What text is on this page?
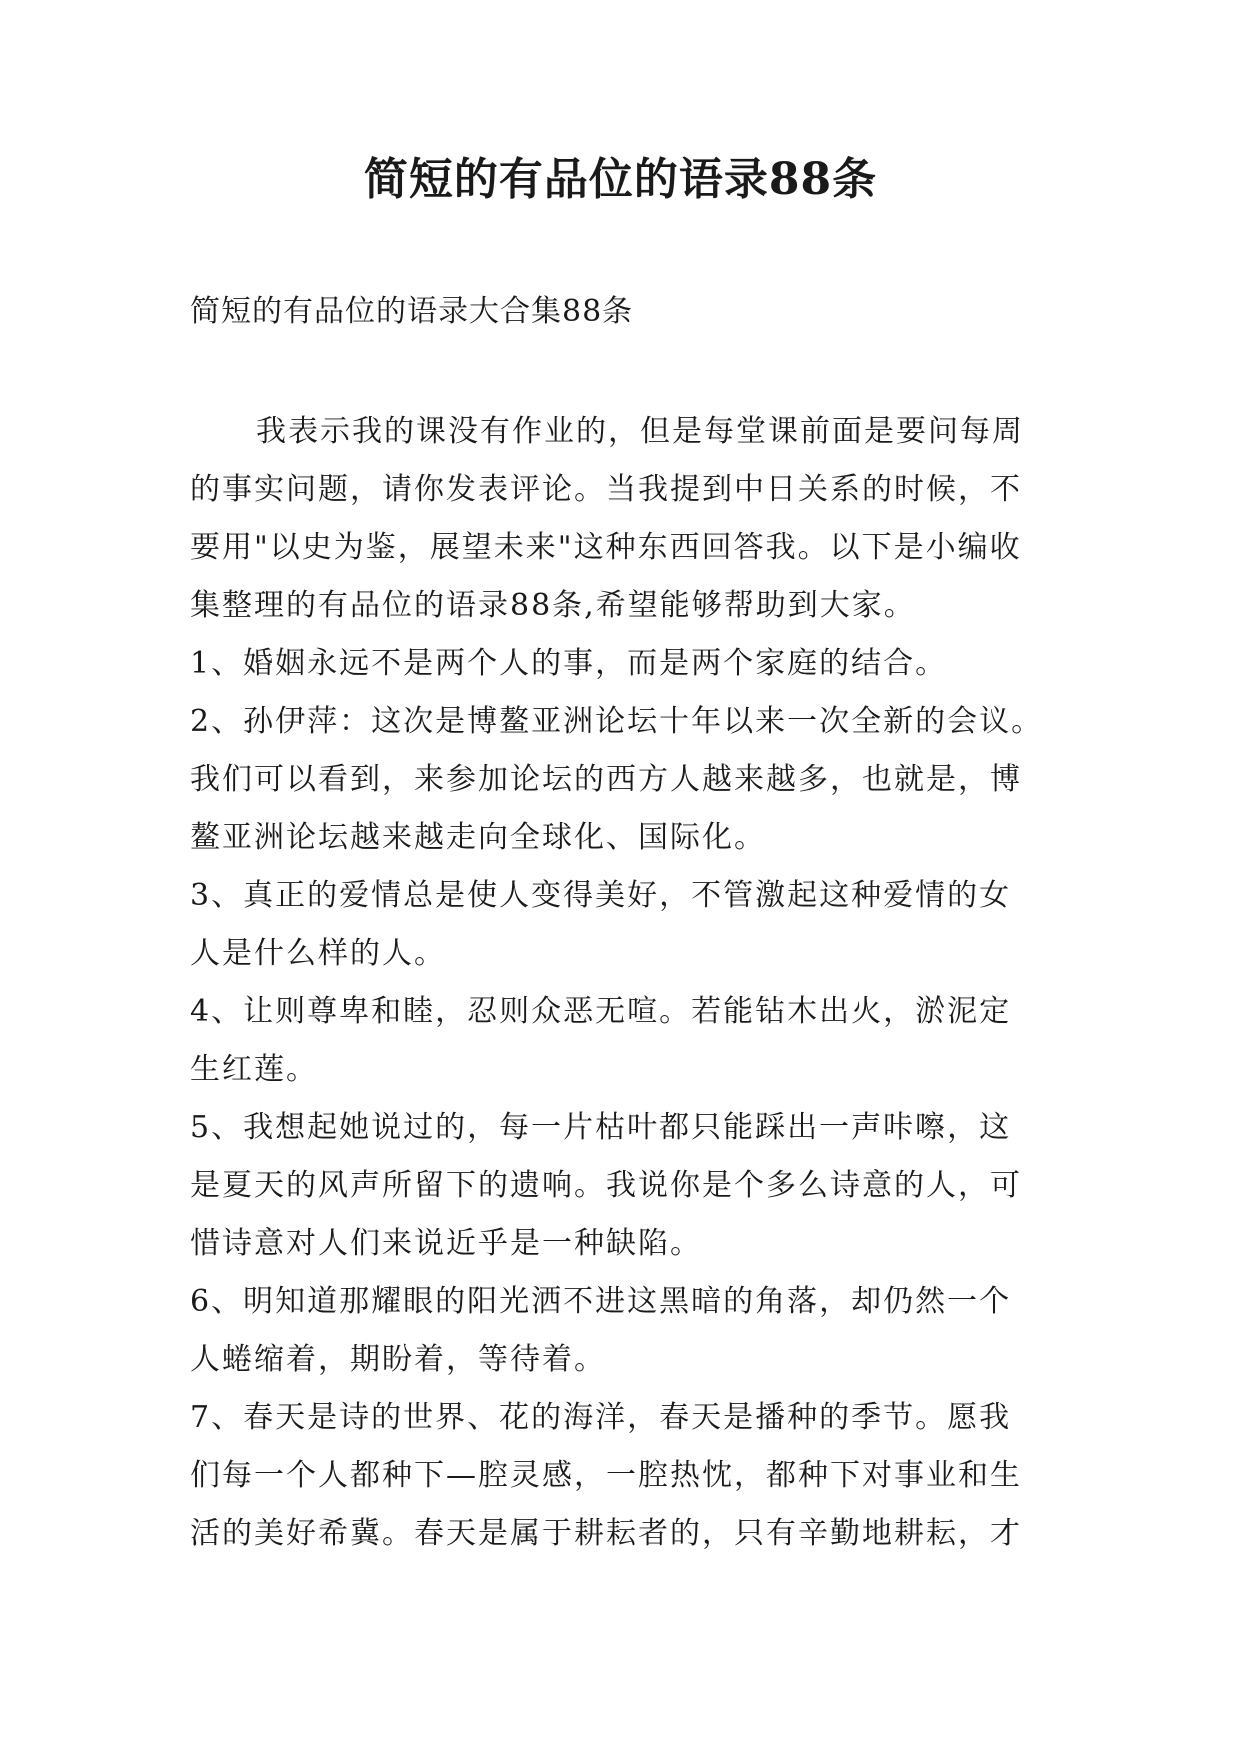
简短的有品位的语录88条

简短的有品位的语录大合集88条

我表示我的课没有作业的，但是每堂课前面是要问每周

的事实问题，请你发表评论。当我提到中日关系的时候，不

要用"以史为鉴，展望未来"这种东西回答我。以下是小编收

集整理的有品位的语录88条,希望能够帮助到大家。

1、婚姻永远不是两个人的事，而是两个家庭的结合。

2、孙伊萍：这次是博鳌亚洲论坛十年以来一次全新的会议。

我们可以看到，来参加论坛的西方人越来越多，也就是，博

鳌亚洲论坛越来越走向全球化、国际化。

3、真正的爱情总是使人变得美好，不管激起这种爱情的女

人是什么样的人。

4、让则尊卑和睦，忍则众恶无喧。若能钻木出火，淤泥定

生红莲。

5、我想起她说过的，每一片枯叶都只能踩出一声咔嚓，这

是夏天的风声所留下的遗响。我说你是个多么诗意的人，可

惜诗意对人们来说近乎是一种缺陷。

6、明知道那耀眼的阳光洒不进这黑暗的角落，却仍然一个

人蜷缩着，期盼着，等待着。

7、春天是诗的世界、花的海洋，春天是播种的季节。愿我

们每一个人都种下—腔灵感，一腔热忱，都种下对事业和生

活的美好希冀。春天是属于耕耘者的，只有辛勤地耕耘，才
